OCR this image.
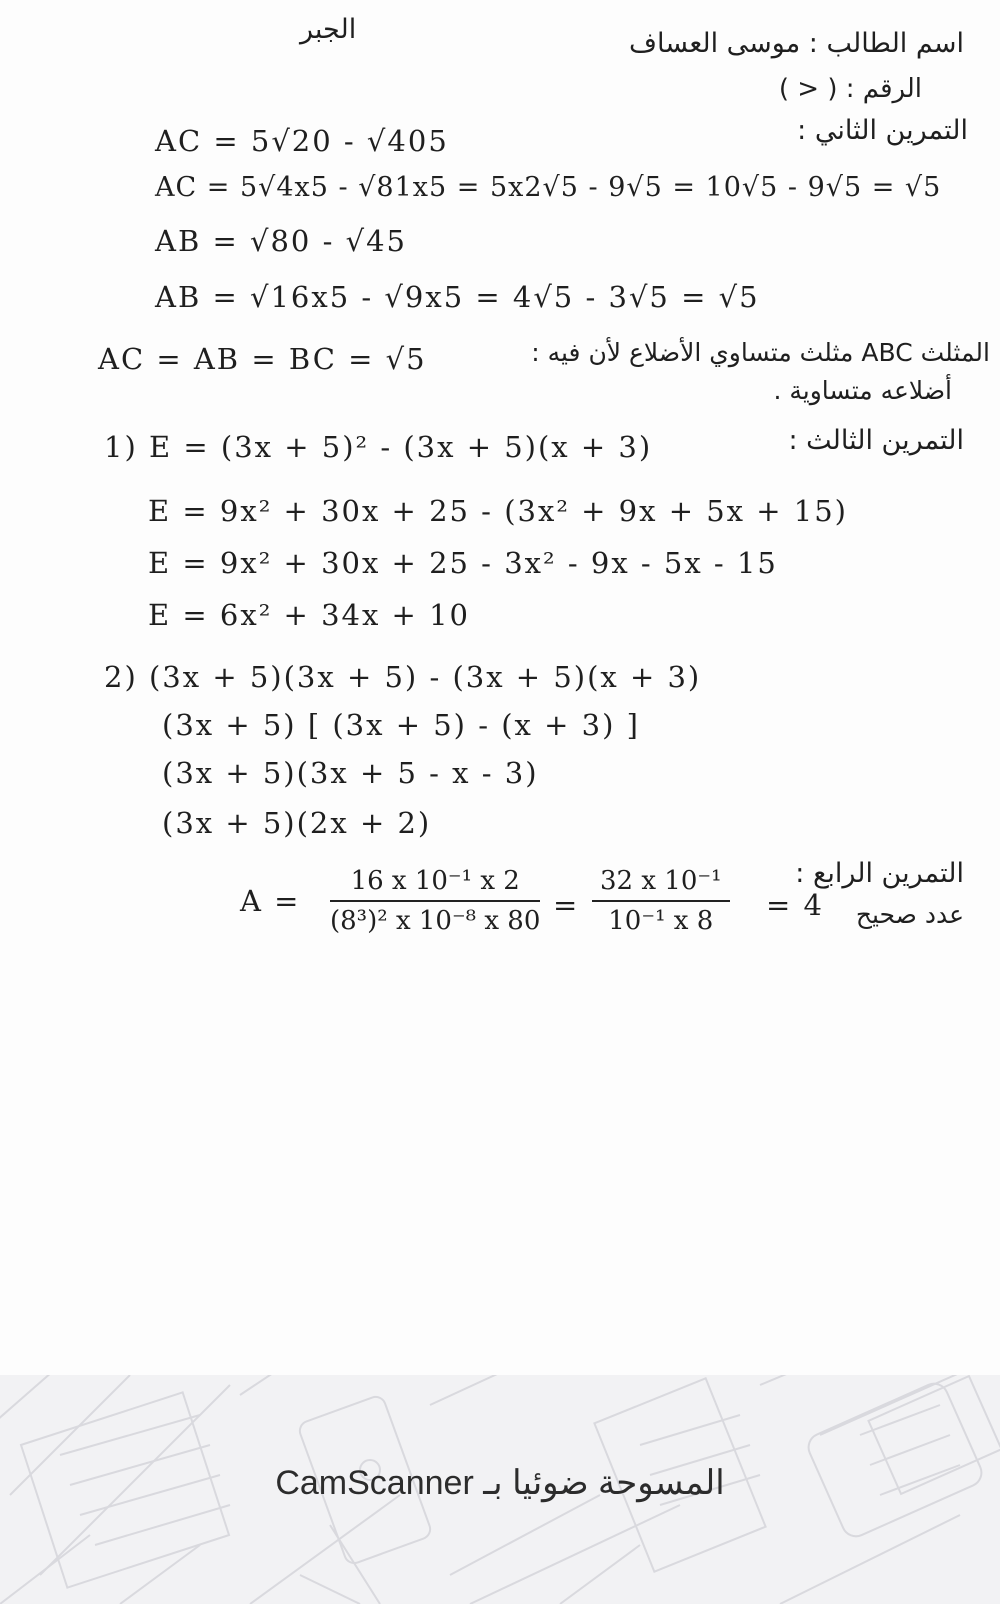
الجبر	اسم الطالب : موسى العساف
الرقم : ( < )
التمرين الثاني :
AC = 5√20 - √405
AC = 5√4x5 - √81x5 = 5x2√5 - 9√5 = 10√5 - 9√5 = √5
AB = √80 - √45
AB = √16x5 - √9x5 = 4√5 - 3√5 = √5
AC = AB = BC = √5	المثلث ABC مثلث متساوي الأضلاع لأن فيه :
أضلاعه متساوية .
التمرين الثالث :
1) E = (3x + 5)² - (3x + 5)(x + 3)
E = 9x² + 30x + 25 - (3x² + 9x + 5x + 15)
E = 9x² + 30x + 25 - 3x² - 9x - 5x - 15
E = 6x² + 34x + 10
2) (3x + 5)(3x + 5) - (3x + 5)(x + 3)
(3x + 5) [ (3x + 5) - (x + 3) ]
(3x + 5)(3x + 5 - x - 3)
(3x + 5)(2x + 2)
التمرين الرابع :
عدد صحيح
$A = \frac{\text{16 x 10⁻¹ x 2}}{\text{(8³)² x 10⁻⁸ x 80}} = \frac{\text{32 x 10⁻¹}}{\text{10⁻¹ x 8}} = 4$
CamScanner المسوحة ضوئيا بـ
